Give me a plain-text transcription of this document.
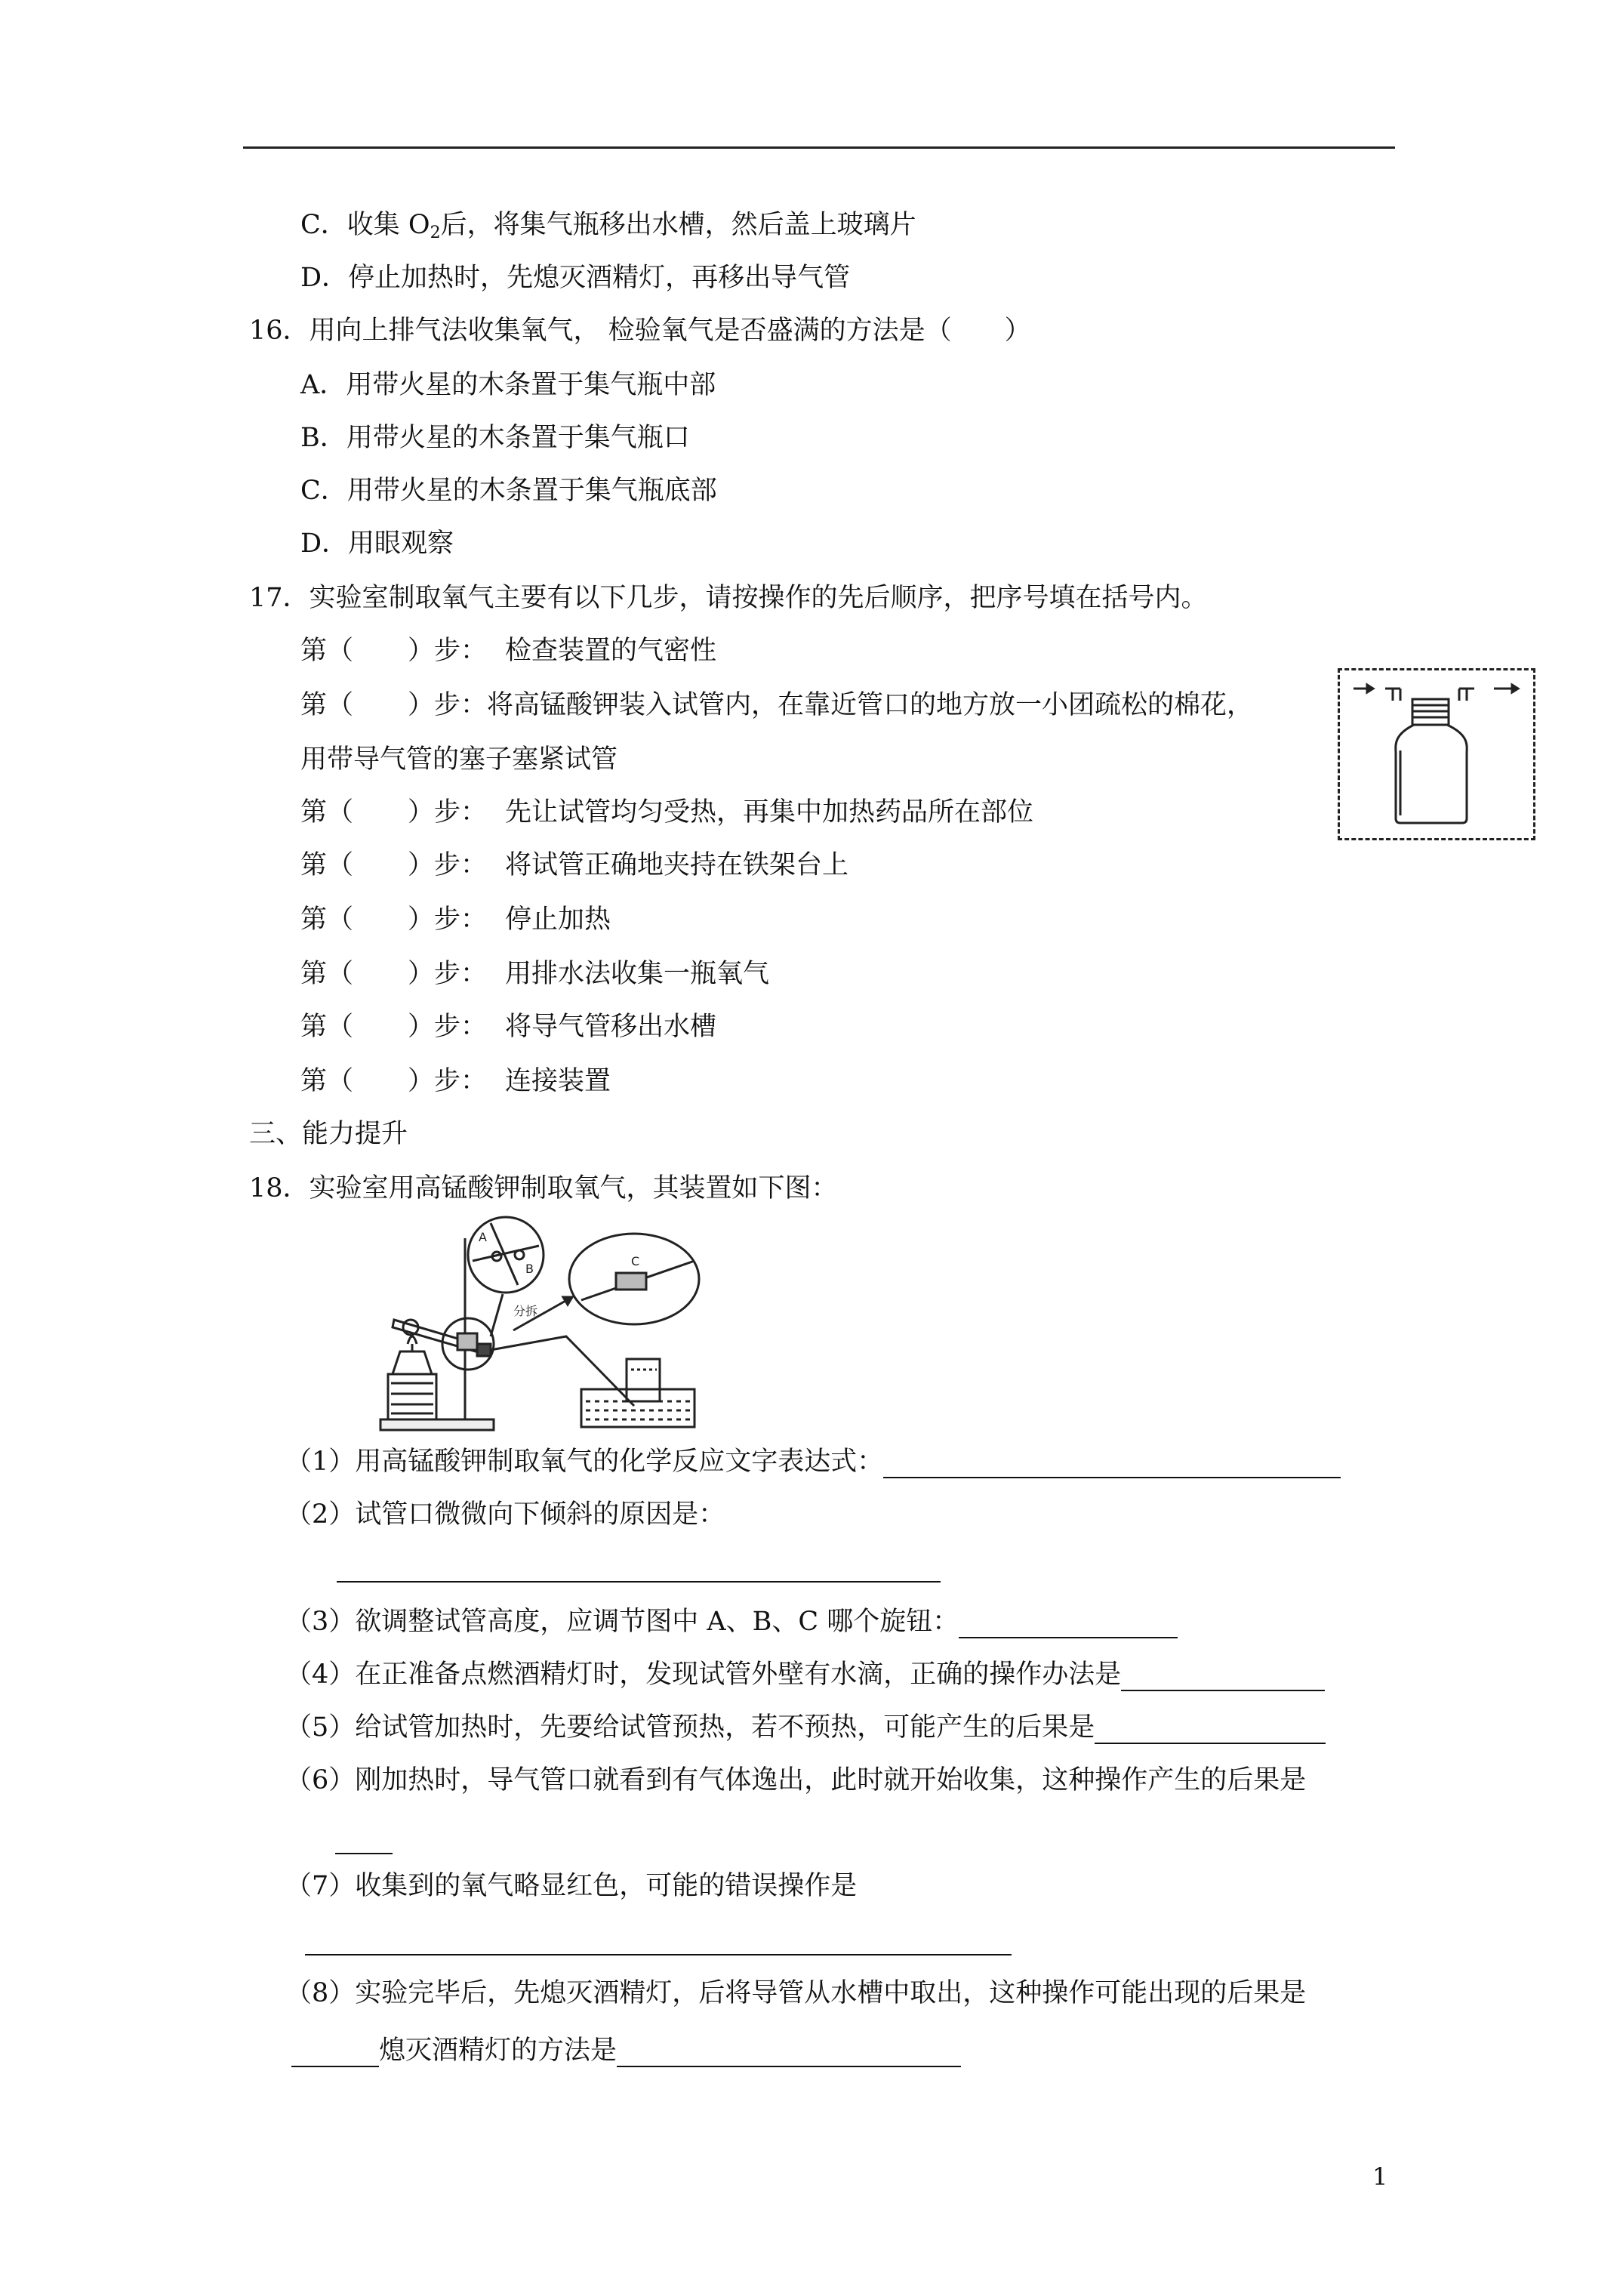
C．收集 $O_2$后，将集气瓶移出水槽，然后盖上玻璃片
D．停止加热时，先熄灭酒精灯，再移出导气管
16．用向上排气法收集氧气， 检验氧气是否盛满的方法是（　　）
A．用带火星的木条置于集气瓶中部
B．用带火星的木条置于集气瓶口
C．用带火星的木条置于集气瓶底部
D．用眼观察
17．实验室制取氧气主要有以下几步，请按操作的先后顺序，把序号填在括号内。
第（ ）步： 检查装置的气密性
第（ ）步：将高锰酸钾装入试管内，在靠近管口的地方放一小团疏松的棉花，
用带导气管的塞子塞紧试管
第（ ）步： 先让试管均匀受热，再集中加热药品所在部位
第（ ）步： 将试管正确地夹持在铁架台上
第（ ）步： 停止加热
第（ ）步： 用排水法收集一瓶氧气
第（ ）步： 将导气管移出水槽
第（ ）步： 连接装置
三、能力提升
18．实验室用高锰酸钾制取氧气，其装置如下图：
A
B
C
分拆
（1）用高锰酸钾制取氧气的化学反应文字表达式：
（2）试管口微微向下倾斜的原因是：
（3）欲调整试管高度，应调节图中 A、B、C 哪个旋钮：
（4）在正准备点燃酒精灯时，发现试管外壁有水滴，正确的操作办法是
（5）给试管加热时，先要给试管预热，若不预热，可能产生的后果是
（6）刚加热时，导气管口就看到有气体逸出，此时就开始收集，这种操作产生的后果是
（7）收集到的氧气略显红色，可能的错误操作是
（8）实验完毕后，先熄灭酒精灯，后将导管从水槽中取出，这种操作可能出现的后果是
熄灭酒精灯的方法是
1
